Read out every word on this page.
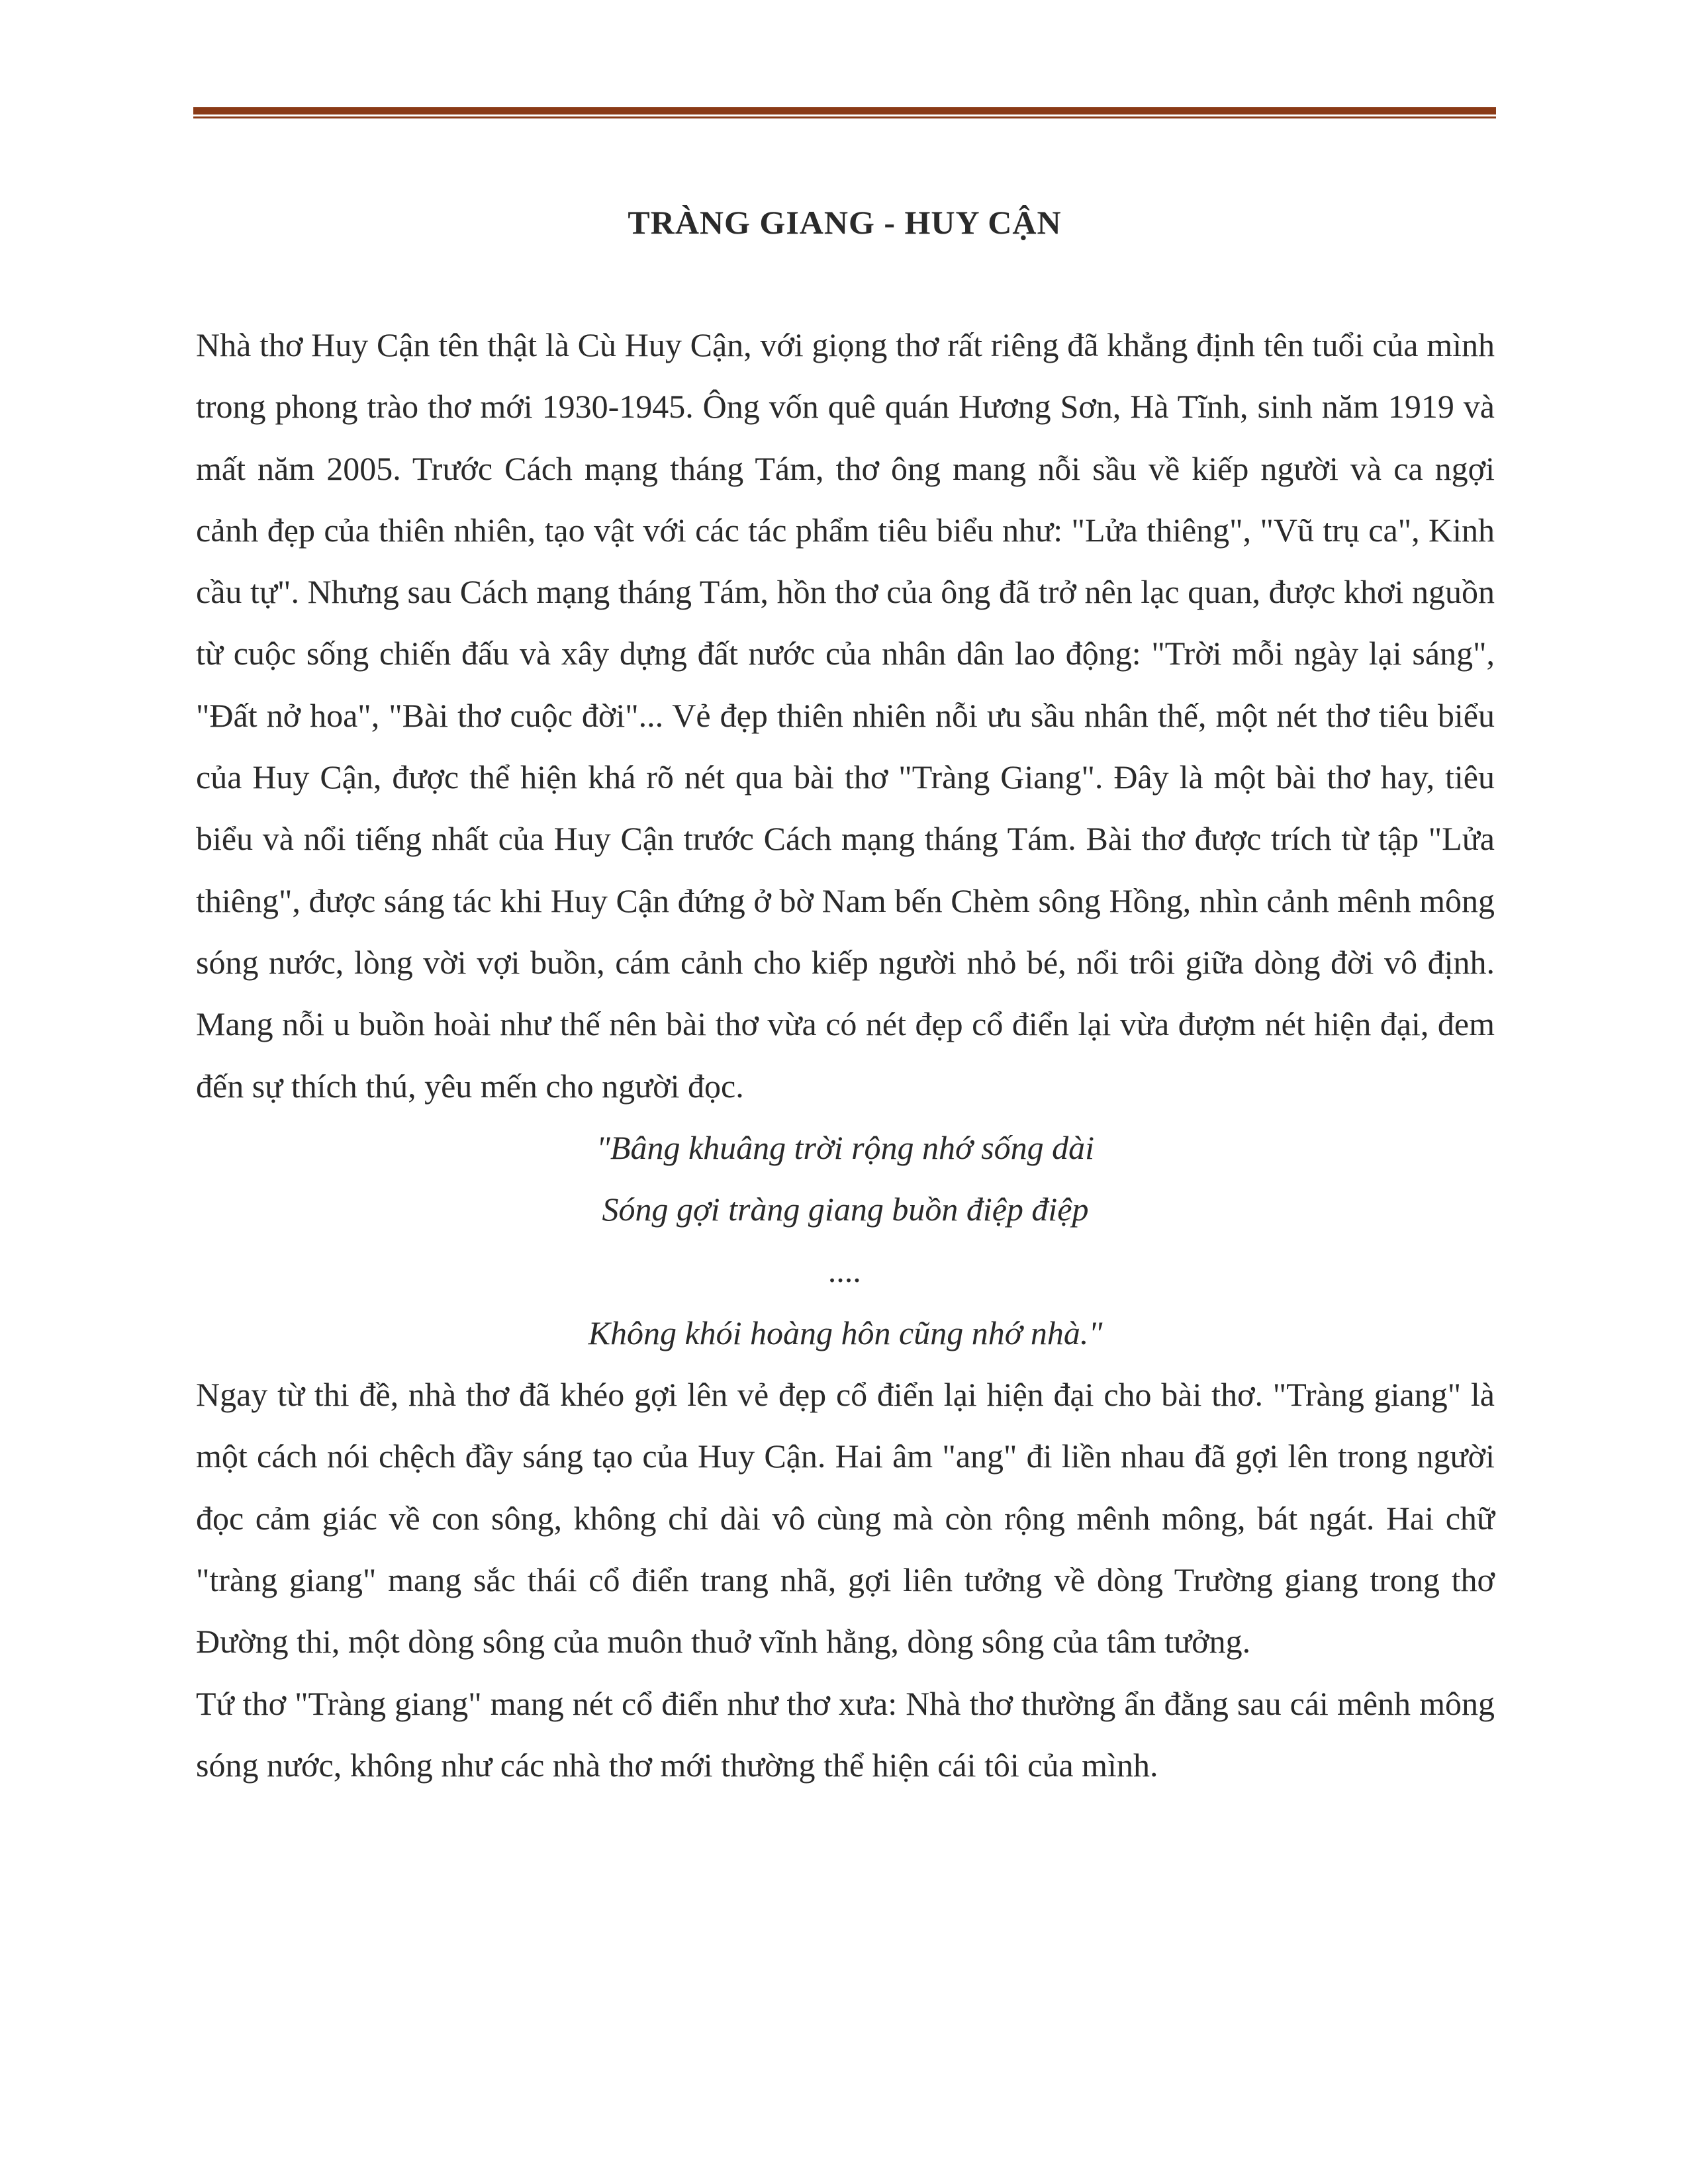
TRÀNG GIANG - HUY CẬN

Nhà thơ Huy Cận tên thật là Cù Huy Cận, với giọng thơ rất riêng đã khẳng định tên tuổi của mình trong phong trào thơ mới 1930-1945. Ông vốn quê quán Hương Sơn, Hà Tĩnh, sinh năm 1919 và mất năm 2005. Trước Cách mạng tháng Tám, thơ ông mang nỗi sầu về kiếp người và ca ngợi cảnh đẹp của thiên nhiên, tạo vật với các tác phẩm tiêu biểu như: "Lửa thiêng", "Vũ trụ ca", Kinh cầu tự". Nhưng sau Cách mạng tháng Tám, hồn thơ của ông đã trở nên lạc quan, được khơi nguồn từ cuộc sống chiến đấu và xây dựng đất nước của nhân dân lao động: "Trời mỗi ngày lại sáng", "Đất nở hoa", "Bài thơ cuộc đời"... Vẻ đẹp thiên nhiên nỗi ưu sầu nhân thế, một nét thơ tiêu biểu của Huy Cận, được thể hiện khá rõ nét qua bài thơ "Tràng Giang". Đây là một bài thơ hay, tiêu biểu và nổi tiếng nhất của Huy Cận trước Cách mạng tháng Tám. Bài thơ được trích từ tập "Lửa thiêng", được sáng tác khi Huy Cận đứng ở bờ Nam bến Chèm sông Hồng, nhìn cảnh mênh mông sóng nước, lòng vời vợi buồn, cám cảnh cho kiếp người nhỏ bé, nổi trôi giữa dòng đời vô định. Mang nỗi u buồn hoài như thế nên bài thơ vừa có nét đẹp cổ điển lại vừa đượm nét hiện đại, đem đến sự thích thú, yêu mến cho người đọc.

"Bâng khuâng trời rộng nhớ sống dài

Sóng gợi tràng giang buồn điệp điệp

....

Không khói hoàng hôn cũng nhớ nhà."

Ngay từ thi đề, nhà thơ đã khéo gợi lên vẻ đẹp cổ điển lại hiện đại cho bài thơ. "Tràng giang" là một cách nói chệch đầy sáng tạo của Huy Cận. Hai âm "ang" đi liền nhau đã gợi lên trong người đọc cảm giác về con sông, không chỉ dài vô cùng mà còn rộng mênh mông, bát ngát. Hai chữ "tràng giang" mang sắc thái cổ điển trang nhã, gợi liên tưởng về dòng Trường giang trong thơ Đường thi, một dòng sông của muôn thuở vĩnh hằng, dòng sông của tâm tưởng.

Tứ thơ "Tràng giang" mang nét cổ điển như thơ xưa: Nhà thơ thường ẩn đằng sau cái mênh mông sóng nước, không như các nhà thơ mới thường thể hiện cái tôi của mình.
